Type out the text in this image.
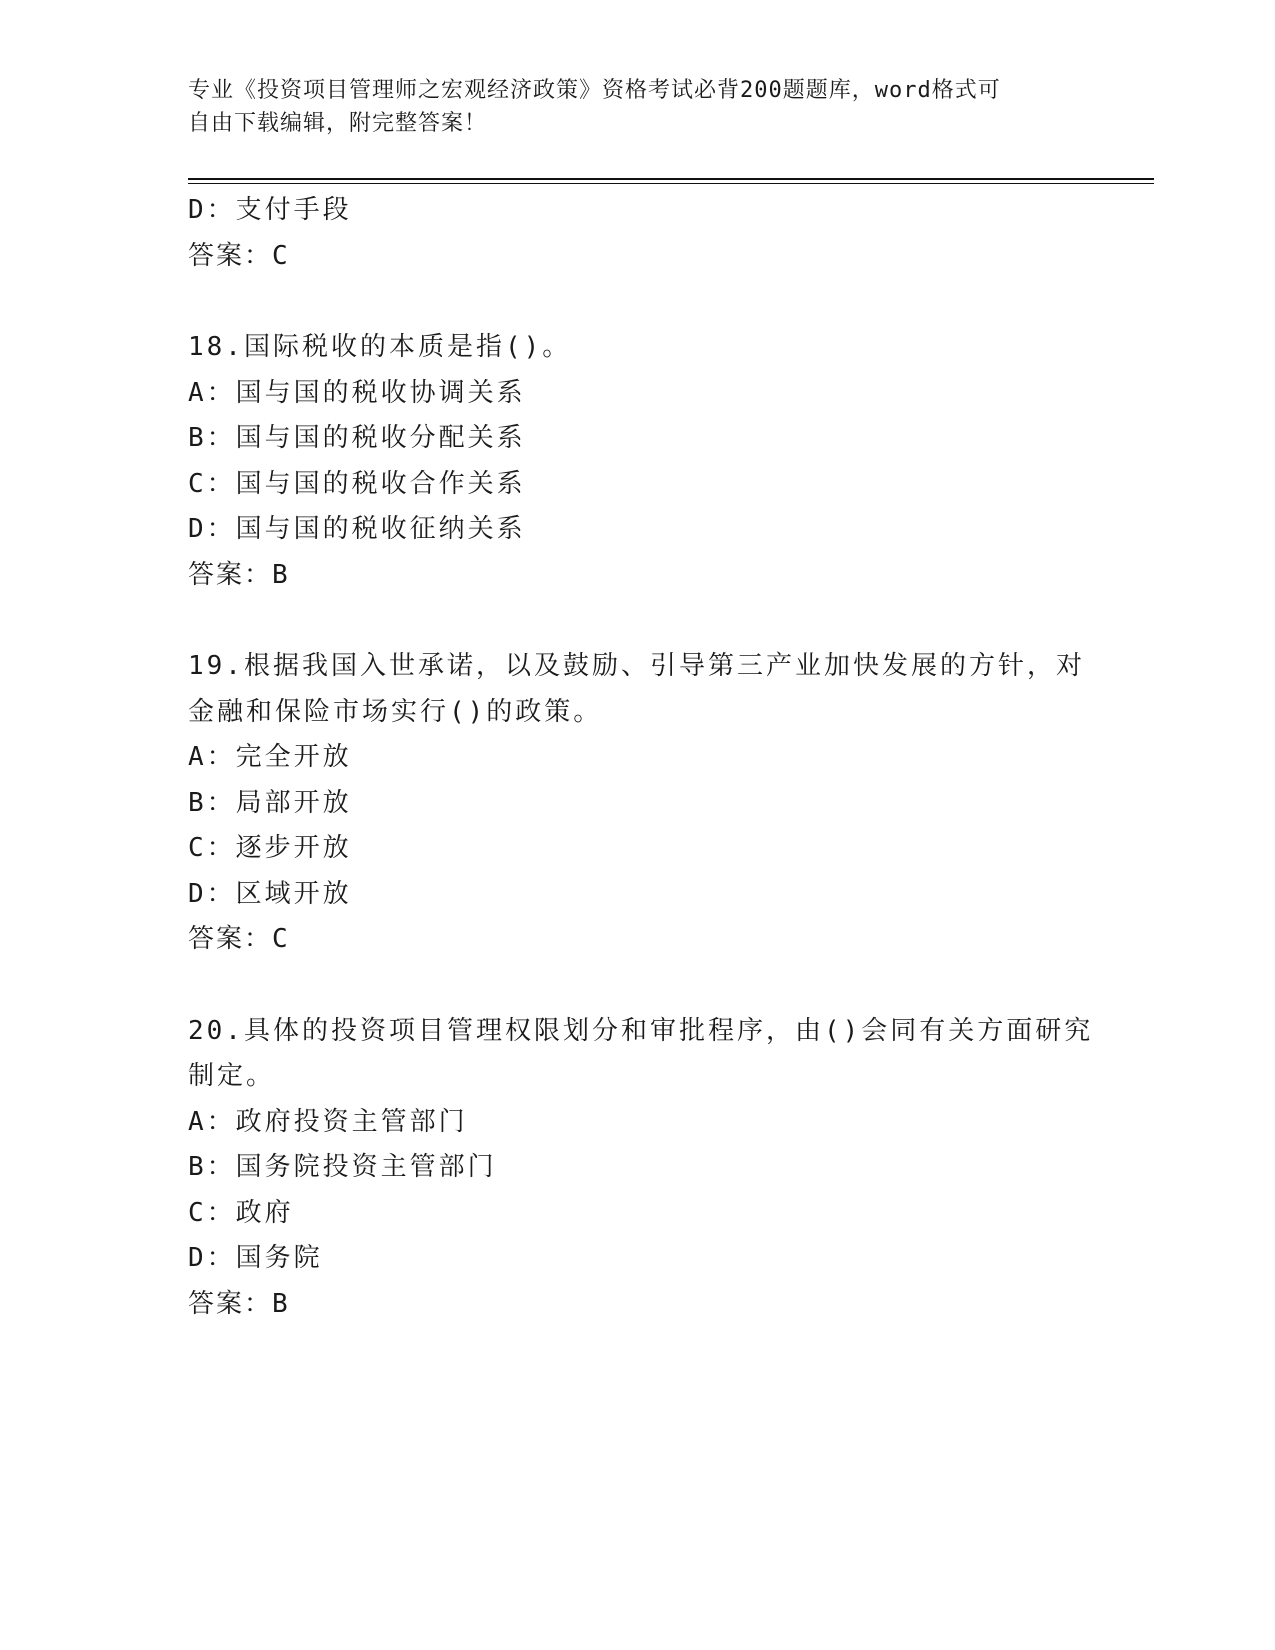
专业《投资项目管理师之宏观经济政策》资格考试必背200题题库，word格式可
自由下载编辑，附完整答案！
D：支付手段
答案：C
18.国际税收的本质是指()。
A：国与国的税收协调关系
B：国与国的税收分配关系
C：国与国的税收合作关系
D：国与国的税收征纳关系
答案：B
19.根据我国入世承诺，以及鼓励、引导第三产业加快发展的方针，对
金融和保险市场实行()的政策。
A：完全开放
B：局部开放
C：逐步开放
D：区域开放
答案：C
20.具体的投资项目管理权限划分和审批程序，由()会同有关方面研究
制定。
A：政府投资主管部门
B：国务院投资主管部门
C：政府
D：国务院
答案：B
